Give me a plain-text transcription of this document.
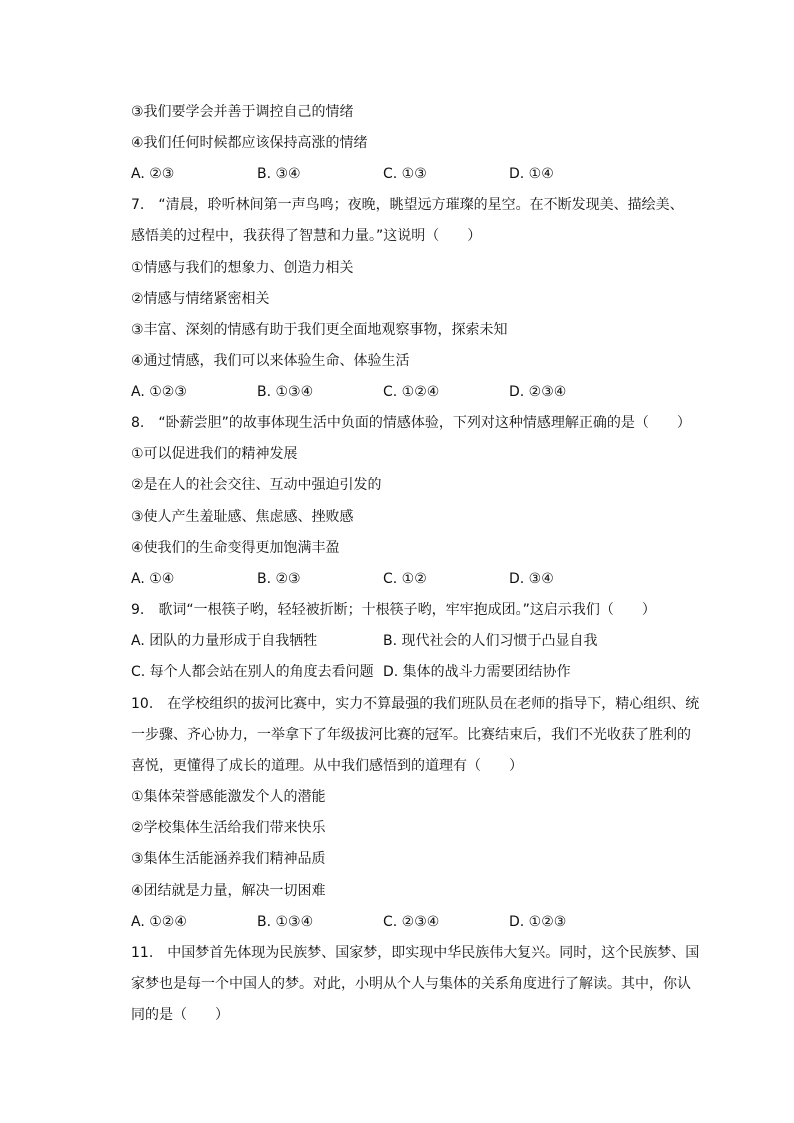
③我们要学会并善于调控自己的情绪
④我们任何时候都应该保持高涨的情绪
A. ②③	B. ③④	C. ①③	D. ①④
7.　“清晨，聆听林间第一声鸟鸣；夜晚，眺望远方璀璨的星空。在不断发现美、描绘美、
感悟美的过程中，我获得了智慧和力量。”这说明（　　）
①情感与我们的想象力、创造力相关
②情感与情绪紧密相关
③丰富、深刻的情感有助于我们更全面地观察事物，探索未知
④通过情感，我们可以来体验生命、体验生活
A. ①②③	B. ①③④	C. ①②④	D. ②③④
8.　“卧薪尝胆”的故事体现生活中负面的情感体验，下列对这种情感理解正确的是（　　）
①可以促进我们的精神发展
②是在人的社会交往、互动中强迫引发的
③使人产生羞耻感、焦虑感、挫败感
④使我们的生命变得更加饱满丰盈
A. ①④	B. ②③	C. ①②	D. ③④
9.　歌词“一根筷子哟，轻轻被折断；十根筷子哟，牢牢抱成团。”这启示我们（　　）
A. 团队的力量形成于自我牺牲	B. 现代社会的人们习惯于凸显自我
C. 每个人都会站在别人的角度去看问题 D. 集体的战斗力需要团结协作
10.　在学校组织的拔河比赛中，实力不算最强的我们班队员在老师的指导下，精心组织、统
一步骤、齐心协力，一举拿下了年级拔河比赛的冠军。比赛结束后，我们不光收获了胜利的
喜悦，更懂得了成长的道理。从中我们感悟到的道理有（　　）
①集体荣誉感能激发个人的潜能
②学校集体生活给我们带来快乐
③集体生活能涵养我们精神品质
④团结就是力量，解决一切困难
A. ①②④	B. ①③④	C. ②③④	D. ①②③
11.　中国梦首先体现为民族梦、国家梦，即实现中华民族伟大复兴。同时，这个民族梦、国
家梦也是每一个中国人的梦。对此，小明从个人与集体的关系角度进行了解读。其中，你认
同的是（　　）
